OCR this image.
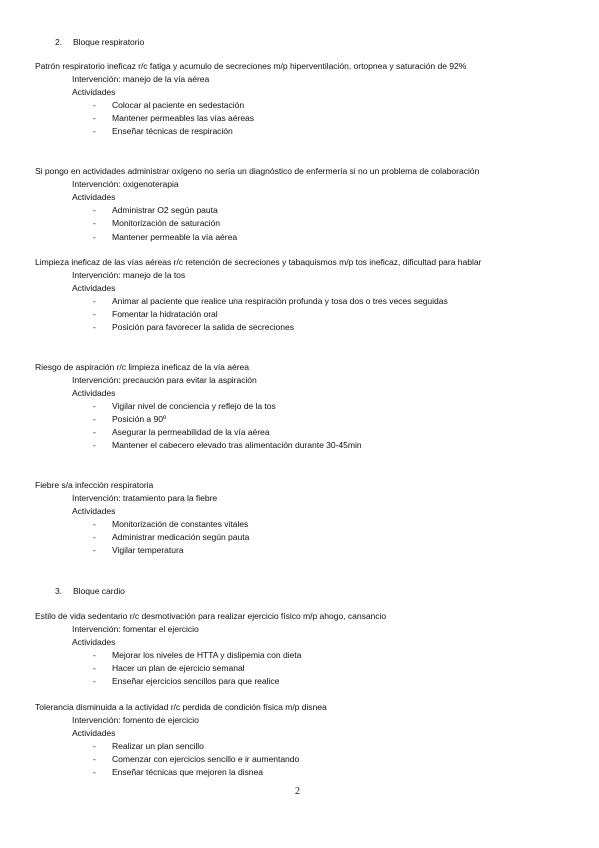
2. Bloque respiratorio
Patrón respiratorio ineficaz r/c fatiga y acumulo de secreciones m/p hiperventilación, ortopnea y saturación de 92%
Intervención: manejo de la vía aérea
Actividades
- Colocar al paciente en sedestación
- Mantener permeables las vías aéreas
- Enseñar técnicas de respiración
Si pongo en actividades administrar oxígeno no sería un diagnóstico de enfermería si no un problema de colaboración
Intervención: oxigenoterapia
Actividades
- Administrar O2 según pauta
- Monitorización de saturación
- Mantener permeable la vía aérea
Limpieza ineficaz de las vías aéreas r/c retención de secreciones y tabaquismos m/p tos ineficaz, dificultad para hablar
Intervención: manejo de la tos
Actividades
- Animar al paciente que realice una respiración profunda y tosa dos o tres veces seguidas
- Fomentar la hidratación oral
- Posición para favorecer la salida de secreciones
Riesgo de aspiración r/c limpieza ineficaz de la vía aérea
Intervención: precaución para evitar la aspiración
Actividades
- Vigilar nivel de conciencia y reflejo de la tos
- Posición a 90º
- Asegurar la permeabilidad de la vía aérea
- Mantener el cabecero elevado tras alimentación durante 30-45min
Fiebre s/a infección respiratoria
Intervención: tratamiento para la fiebre
Actividades
- Monitorización de constantes vitales
- Administrar medicación según pauta
- Vigilar temperatura
3. Bloque cardio
Estilo de vida sedentario r/c desmotivación para realizar ejercicio físico m/p ahogo, cansancio
Intervención: fomentar el ejercicio
Actividades
- Mejorar los niveles de HTTA y dislipemia con dieta
- Hacer un plan de ejercicio semanal
- Enseñar ejercicios sencillos para que realice
Tolerancia disminuida a la actividad r/c perdida de condición física m/p disnea
Intervención: fomento de ejercicio
Actividades
- Realizar un plan sencillo
- Comenzar con ejercicios sencillo e ir aumentando
- Enseñar técnicas que mejoren la disnea
2
